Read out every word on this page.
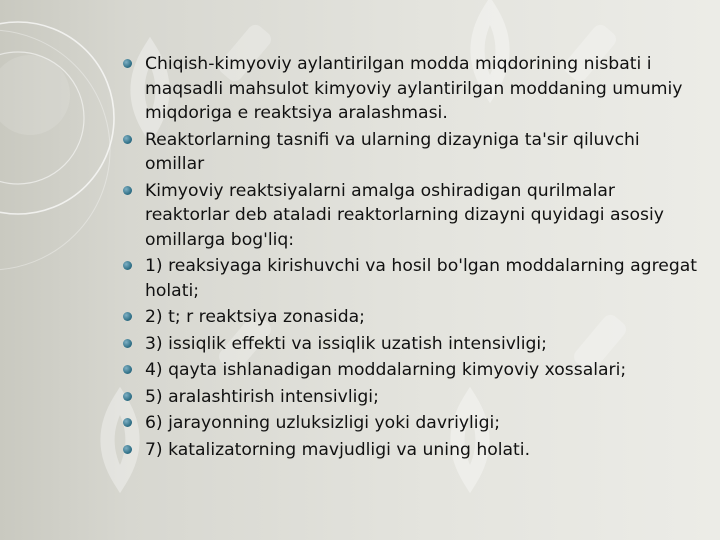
Chiqish-kimyoviy aylantirilgan modda miqdorining nisbati i maqsadli mahsulot kimyoviy aylantirilgan moddaning umumiy miqdoriga e reaktsiya aralashmasi.
Reaktorlarning tasnifi va ularning dizayniga ta'sir qiluvchi omillar
Kimyoviy reaktsiyalarni amalga oshiradigan qurilmalar reaktorlar deb ataladi reaktorlarning dizayni quyidagi asosiy omillarga bog'liq:
1) reaksiyaga kirishuvchi va hosil bo'lgan moddalarning agregat holati;
2) t; r reaktsiya zonasida;
3) issiqlik effekti va issiqlik uzatish intensivligi;
4) qayta ishlanadigan moddalarning kimyoviy xossalari;
5) aralashtirish intensivligi;
6) jarayonning uzluksizligi yoki davriyligi;
7) katalizatorning mavjudligi va uning holati.
